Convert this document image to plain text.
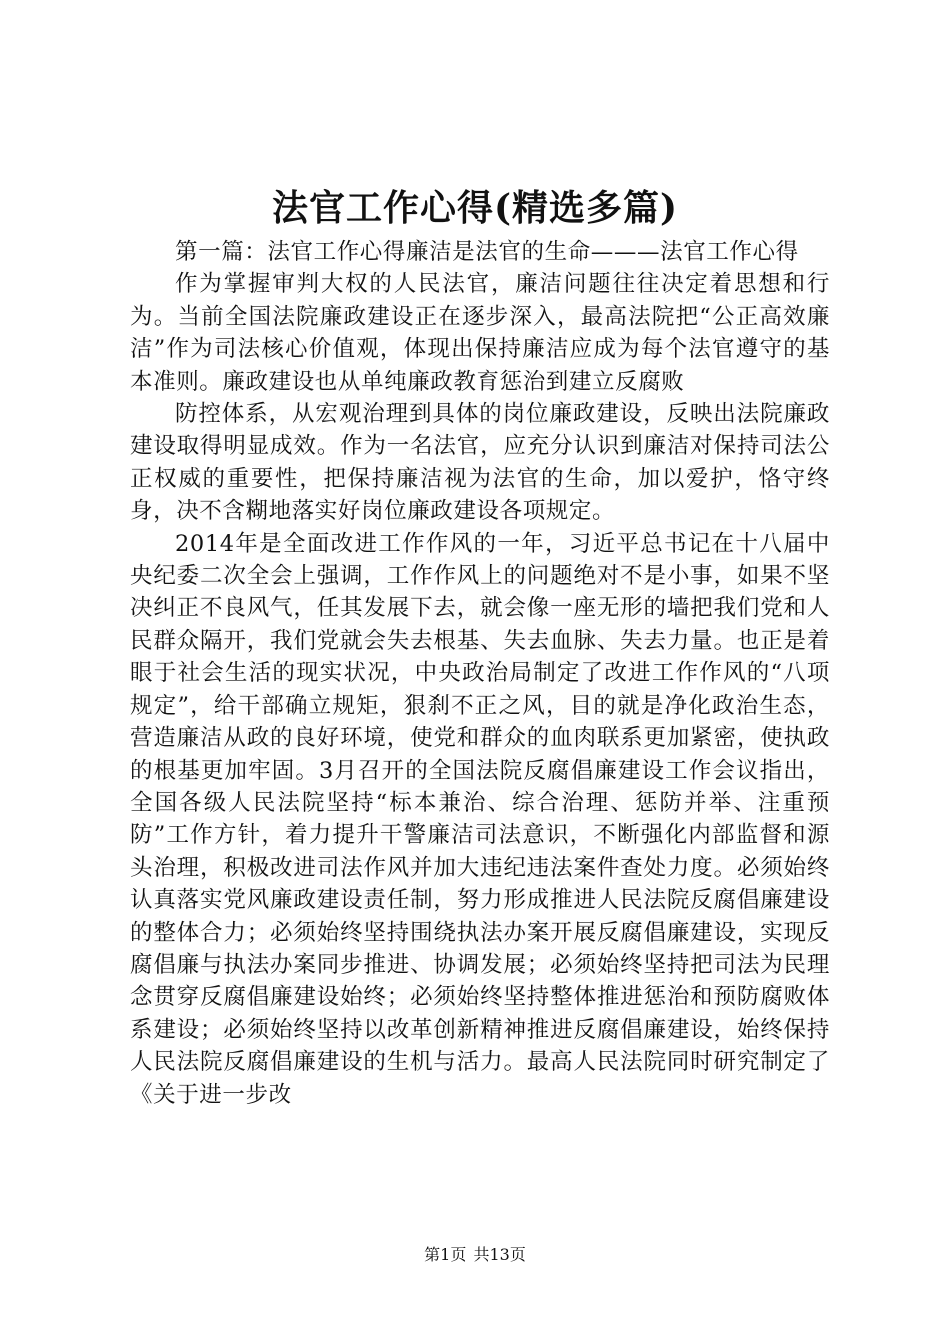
法官工作心得(精选多篇)

第一篇：法官工作心得廉洁是法官的生命———法官工作心得

作为掌握审判大权的人民法官，廉洁问题往往决定着思想和行为。当前全国法院廉政建设正在逐步深入，最高法院把“公正高效廉洁”作为司法核心价值观，体现出保持廉洁应成为每个法官遵守的基本准则。廉政建设也从单纯廉政教育惩治到建立反腐败

防控体系，从宏观治理到具体的岗位廉政建设，反映出法院廉政建设取得明显成效。作为一名法官，应充分认识到廉洁对保持司法公正权威的重要性，把保持廉洁视为法官的生命，加以爱护，恪守终身，决不含糊地落实好岗位廉政建设各项规定。

2014年是全面改进工作作风的一年，习近平总书记在十八届中央纪委二次全会上强调，工作作风上的问题绝对不是小事，如果不坚决纠正不良风气，任其发展下去，就会像一座无形的墙把我们党和人民群众隔开，我们党就会失去根基、失去血脉、失去力量。也正是着眼于社会生活的现实状况，中央政治局制定了改进工作作风的“八项规定”，给干部确立规矩，狠刹不正之风，目的就是净化政治生态，营造廉洁从政的良好环境，使党和群众的血肉联系更加紧密，使执政的根基更加牢固。3月召开的全国法院反腐倡廉建设工作会议指出，全国各级人民法院坚持“标本兼治、综合治理、惩防并举、注重预防”工作方针，着力提升干警廉洁司法意识，不断强化内部监督和源头治理，积极改进司法作风并加大违纪违法案件查处力度。必须始终认真落实党风廉政建设责任制，努力形成推进人民法院反腐倡廉建设的整体合力；必须始终坚持围绕执法办案开展反腐倡廉建设，实现反腐倡廉与执法办案同步推进、协调发展；必须始终坚持把司法为民理念贯穿反腐倡廉建设始终；必须始终坚持整体推进惩治和预防腐败体系建设；必须始终坚持以改革创新精神推进反腐倡廉建设，始终保持人民法院反腐倡廉建设的生机与活力。最高人民法院同时研究制定了《关于进一步改

第1页 共13页
